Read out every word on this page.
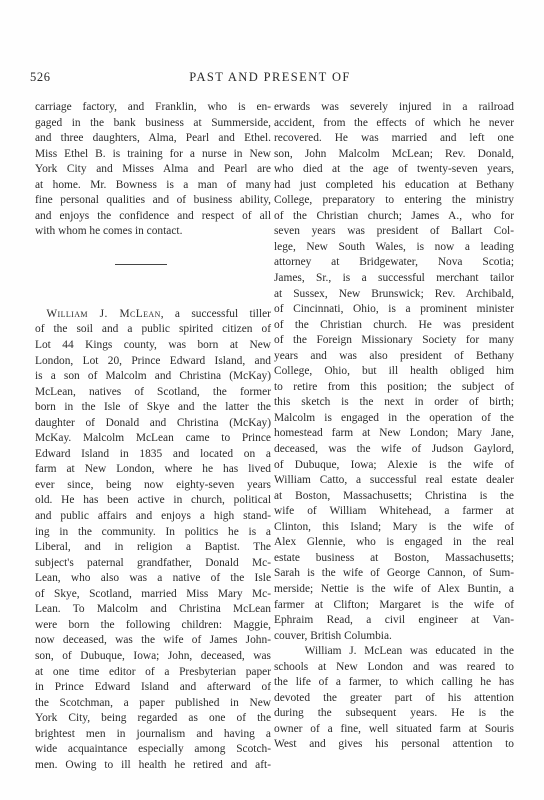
526	PAST AND PRESENT OF
carriage factory, and Franklin, who is en-
gaged in the bank business at Summerside,
and three daughters, Alma, Pearl and Ethel.
Miss Ethel B. is training for a nurse in New
York City and Misses Alma and Pearl are
at home. Mr. Bowness is a man of many
fine personal qualities and of business ability,
and enjoys the confidence and respect of all
with whom he comes in contact.
 William J. McLean, a successful tiller
of the soil and a public spirited citizen of
Lot 44 Kings county, was born at New
London, Lot 20, Prince Edward Island, and
is a son of Malcolm and Christina (McKay)
McLean, natives of Scotland, the former
born in the Isle of Skye and the latter the
daughter of Donald and Christina (McKay)
McKay. Malcolm McLean came to Prince
Edward Island in 1835 and located on a
farm at New London, where he has lived
ever since, being now eighty-seven years
old. He has been active in church, political
and public affairs and enjoys a high stand-
ing in the community. In politics he is a
Liberal, and in religion a Baptist. The
subject's paternal grandfather, Donald Mc-
Lean, who also was a native of the Isle
of Skye, Scotland, married Miss Mary Mc-
Lean. To Malcolm and Christina McLean
were born the following children: Maggie,
now deceased, was the wife of James John-
son, of Dubuque, Iowa; John, deceased, was
at one time editor of a Presbyterian paper
in Prince Edward Island and afterward of
the Scotchman, a paper published in New
York City, being regarded as one of the
brightest men in journalism and having a
wide acquaintance especially among Scotch-
men. Owing to ill health he retired and aft-
erwards was severely injured in a railroad
accident, from the effects of which he never
recovered. He was married and left one
son, John Malcolm McLean; Rev. Donald,
who died at the age of twenty-seven years,
had just completed his education at Bethany
College, preparatory to entering the ministry
of the Christian church; James A., who for
seven years was president of Ballart Col-
lege, New South Wales, is now a leading
attorney at Bridgewater, Nova Scotia;
James, Sr., is a successful merchant tailor
at Sussex, New Brunswick; Rev. Archibald,
of Cincinnati, Ohio, is a prominent minister
of the Christian church. He was president
of the Foreign Missionary Society for many
years and was also president of Bethany
College, Ohio, but ill health obliged him
to retire from this position; the subject of
this sketch is the next in order of birth;
Malcolm is engaged in the operation of the
homestead farm at New London; Mary Jane,
deceased, was the wife of Judson Gaylord,
of Dubuque, Iowa; Alexie is the wife of
William Catto, a successful real estate dealer
at Boston, Massachusetts; Christina is the
wife of William Whitehead, a farmer at
Clinton, this Island; Mary is the wife of
Alex Glennie, who is engaged in the real
estate business at Boston, Massachusetts;
Sarah is the wife of George Cannon, of Sum-
merside; Nettie is the wife of Alex Buntin, a
farmer at Clifton; Margaret is the wife of
Ephraim Read, a civil engineer at Van-
couver, British Columbia.
William J. McLean was educated in the
schools at New London and was reared to
the life of a farmer, to which calling he has
devoted the greater part of his attention
during the subsequent years. He is the
owner of a fine, well situated farm at Souris
West and gives his personal attention to
